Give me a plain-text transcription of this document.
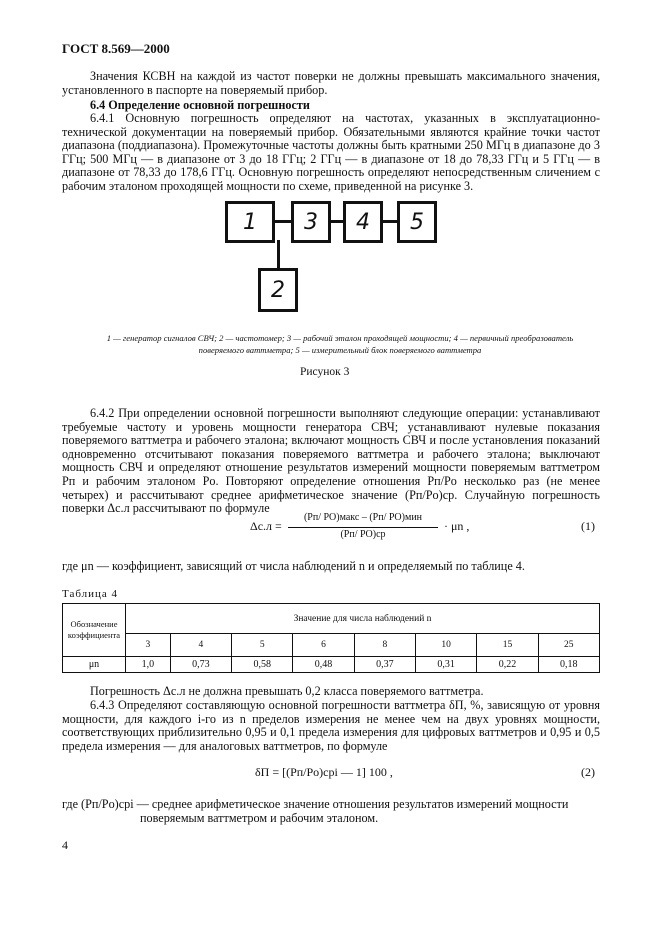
ГОСТ 8.569—2000
Значения КСВН на каждой из частот поверки не должны превышать максимального значения, установленного в паспорте на поверяемый прибор.
6.4 Определение основной погрешности
6.4.1 Основную погрешность определяют на частотах, указанных в эксплуатационно-технической документации на поверяемый прибор. Обязательными являются крайние точки частот диапазона (поддиапазона). Промежуточные частоты должны быть кратными 250 МГц в диапазоне до 3 ГГц; 500 МГц — в диапазоне от 3 до 18 ГГц; 2 ГГц — в диапазоне от 18 до 78,33 ГГц и 5 ГГц — в диапазоне от 78,33 до 178,6 ГГц. Основную погрешность определяют непосредственным сличением с рабочим эталоном проходящей мощности по схеме, приведенной на рисунке 3.
1	3	4	5
2
1 — генератор сигналов СВЧ; 2 — частотомер; 3 — рабочий эталон проходящей мощности; 4 — первичный преобразователь
поверяемого ваттметра; 5 — измерительный блок поверяемого ваттметра
Рисунок 3
6.4.2 При определении основной погрешности выполняют следующие операции: устанавливают требуемые частоту и уровень мощности генератора СВЧ; устанавливают нулевые показания поверяемого ваттметра и рабочего эталона; включают мощность СВЧ и после установления показаний одновременно отсчитывают показания поверяемого ваттметра и рабочего эталона; выключают мощность СВЧ и определяют отношение результатов измерений мощности поверяемым ваттметром Pп и рабочим эталоном Pо. Повторяют определение отношения Pп/Pо несколько раз (не менее четырех) и рассчитывают среднее арифметическое значение (Pп/Pо)ср. Случайную погрешность поверки Δс.л рассчитывают по формуле
Δс.л =
(Pп/ PО)макс – (Pп/ PО)мин
(Pп/ PО)ср
· μn ,	(1)
где μn — коэффициент, зависящий от числа наблюдений n и определяемый по таблице 4.
Таблица 4
Обозначение коэффициента	Значение для числа наблюдений n							
	3	4	5	6	8	10	15	25
μn	1,0	0,73	0,58	0,48	0,37	0,31	0,22	0,18
Погрешность Δс.л не должна превышать 0,2 класса поверяемого ваттметра.
6.4.3 Определяют составляющую основной погрешности ваттметра δП, %, зависящую от уровня мощности, для каждого i-го из n пределов измерения не менее чем на двух уровнях мощности, соответствующих приблизительно 0,95 и 0,1 предела измерения для цифровых ваттметров и 0,95 и 0,5 предела измерения — для аналоговых ваттметров, по формуле
δП = [(Pп/Pо)срi — 1] 100 ,	(2)
где (Pп/Pо)срi — среднее арифметическое значение отношения результатов измерений мощности
поверяемым ваттметром и рабочим эталоном.
4
